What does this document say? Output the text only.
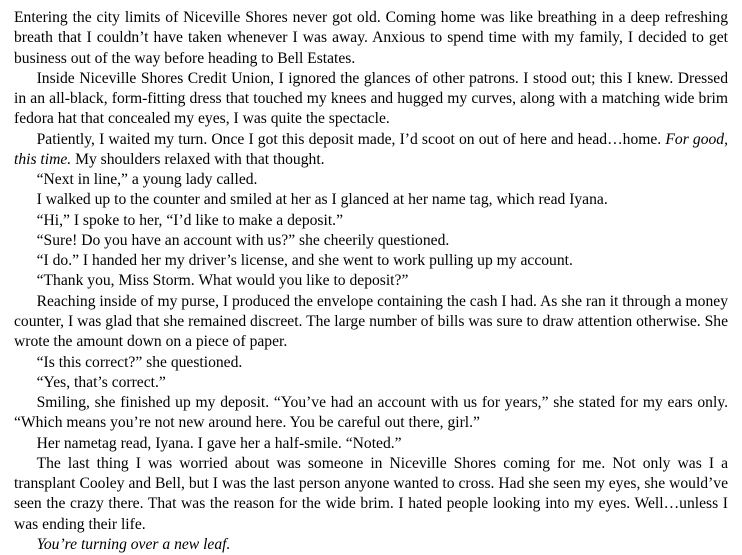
Entering the city limits of Niceville Shores never got old. Coming home was like breathing in a deep refreshing breath that I couldn’t have taken whenever I was away. Anxious to spend time with my family, I decided to get business out of the way before heading to Bell Estates.

Inside Niceville Shores Credit Union, I ignored the glances of other patrons. I stood out; this I knew. Dressed in an all-black, form-fitting dress that touched my knees and hugged my curves, along with a matching wide brim fedora hat that concealed my eyes, I was quite the spectacle.

Patiently, I waited my turn. Once I got this deposit made, I’d scoot on out of here and head…home. For good, this time. My shoulders relaxed with that thought.

“Next in line,” a young lady called.

I walked up to the counter and smiled at her as I glanced at her name tag, which read Iyana.

“Hi,” I spoke to her, “I’d like to make a deposit.”

“Sure! Do you have an account with us?” she cheerily questioned.

“I do.” I handed her my driver’s license, and she went to work pulling up my account.

“Thank you, Miss Storm. What would you like to deposit?”

Reaching inside of my purse, I produced the envelope containing the cash I had. As she ran it through a money counter, I was glad that she remained discreet. The large number of bills was sure to draw attention otherwise. She wrote the amount down on a piece of paper.

“Is this correct?” she questioned.

“Yes, that’s correct.”

Smiling, she finished up my deposit. “You’ve had an account with us for years,” she stated for my ears only. “Which means you’re not new around here. You be careful out there, girl.”

Her nametag read, Iyana. I gave her a half-smile. “Noted.”

The last thing I was worried about was someone in Niceville Shores coming for me. Not only was I a transplant Cooley and Bell, but I was the last person anyone wanted to cross. Had she seen my eyes, she would’ve seen the crazy there. That was the reason for the wide brim. I hated people looking into my eyes. Well…unless I was ending their life.

You’re turning over a new leaf.
